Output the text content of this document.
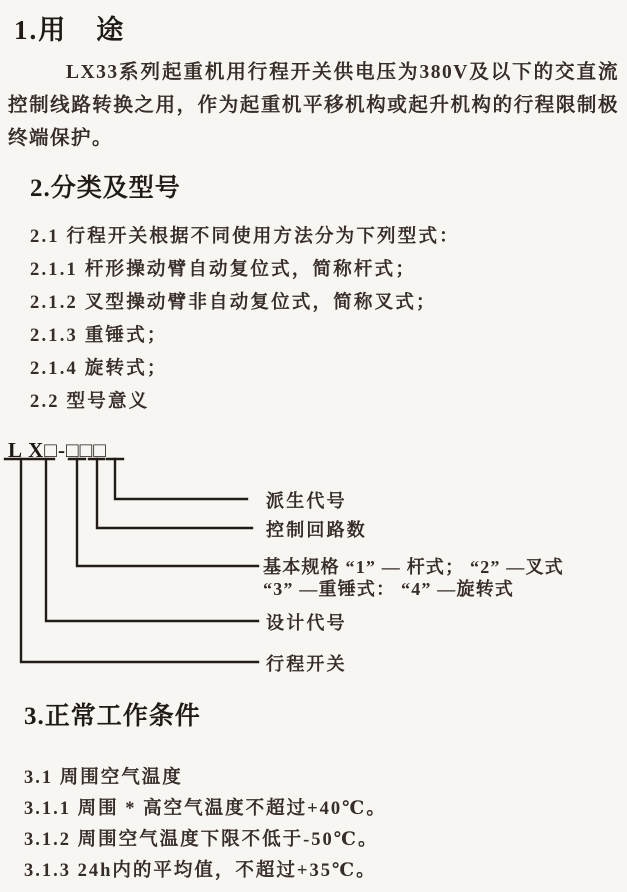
1.用　途

LX33系列起重机用行程开关供电压为380V及以下的交直流控制线路转换之用，作为起重机平移机构或起升机构的行程限制极终端保护。

2.分类及型号
2.1 行程开关根据不同使用方法分为下列型式：
2.1.1 杆形操动臂自动复位式，简称杆式；
2.1.2 叉型操动臂非自动复位式，简称叉式；
2.1.3 重锤式；
2.1.4 旋转式；
2.2 型号意义
L X□-□□□
派生代号
控制回路数
基本规格 “1” — 杆式； “2” —叉式
“3” —重锤式： “4” —旋转式
设计代号
行程开关
3.正常工作条件
3.1 周围空气温度
3.1.1 周围 * 高空气温度不超过+40℃。
3.1.2 周围空气温度下限不低于-50℃。
3.1.3 24h内的平均值，不超过+35℃。
